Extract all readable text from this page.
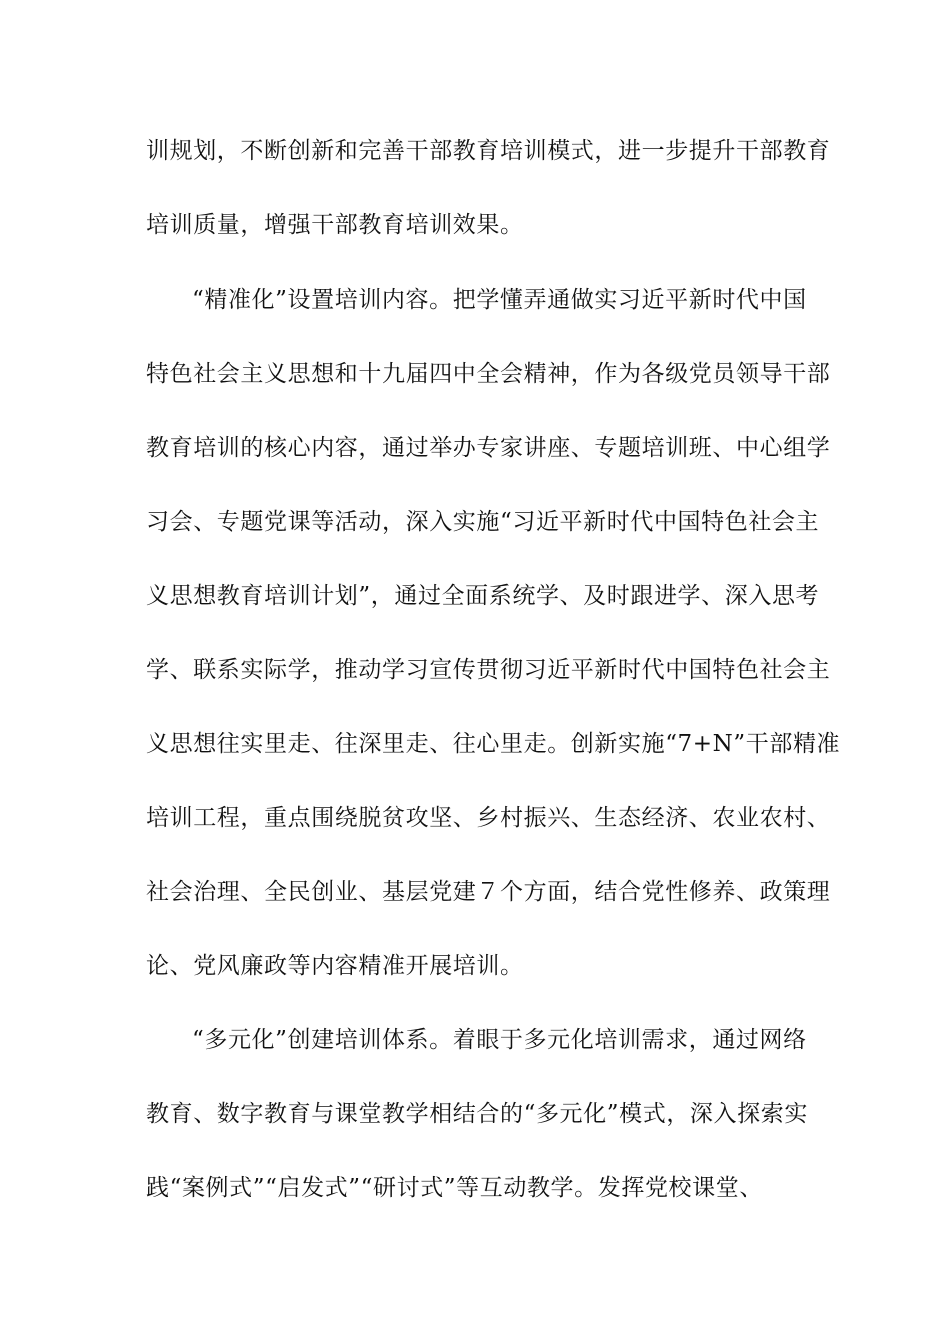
训规划，不断创新和完善干部教育培训模式，进一步提升干部教育
培训质量，增强干部教育培训效果。
“精准化”设置培训内容。把学懂弄通做实习近平新时代中国
特色社会主义思想和十九届四中全会精神，作为各级党员领导干部
教育培训的核心内容，通过举办专家讲座、专题培训班、中心组学
习会、专题党课等活动，深入实施“习近平新时代中国特色社会主
义思想教育培训计划”，通过全面系统学、及时跟进学、深入思考
学、联系实际学，推动学习宣传贯彻习近平新时代中国特色社会主
义思想往实里走、往深里走、往心里走。创新实施“7+N”干部精准
培训工程，重点围绕脱贫攻坚、乡村振兴、生态经济、农业农村、
社会治理、全民创业、基层党建７个方面，结合党性修养、政策理
论、党风廉政等内容精准开展培训。
“多元化”创建培训体系。着眼于多元化培训需求，通过网络
教育、数字教育与课堂教学相结合的“多元化”模式，深入探索实
践“案例式”“启发式”“研讨式”等互动教学。发挥党校课堂、
